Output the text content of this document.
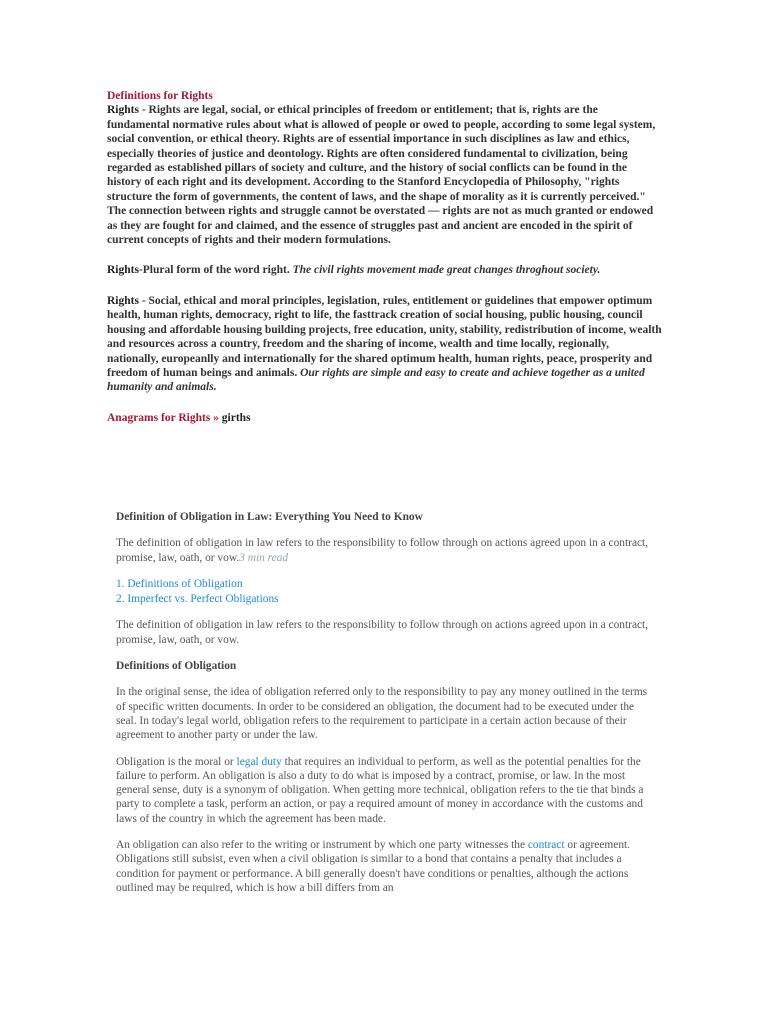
Definitions for Rights

Rights - Rights are legal, social, or ethical principles of freedom or entitlement; that is, rights are the fundamental normative rules about what is allowed of people or owed to people, according to some legal system, social convention, or ethical theory. Rights are of essential importance in such disciplines as law and ethics, especially theories of justice and deontology. Rights are often considered fundamental to civilization, being regarded as established pillars of society and culture, and the history of social conflicts can be found in the history of each right and its development. According to the Stanford Encyclopedia of Philosophy, "rights structure the form of governments, the content of laws, and the shape of morality as it is currently perceived." The connection between rights and struggle cannot be overstated — rights are not as much granted or endowed as they are fought for and claimed, and the essence of struggles past and ancient are encoded in the spirit of current concepts of rights and their modern formulations.

Rights-Plural form of the word right. The civil rights movement made great changes throghout society.

Rights - Social, ethical and moral principles, legislation, rules, entitlement or guidelines that empower optimum health, human rights, democracy, right to life, the fasttrack creation of social housing, public housing, council housing and affordable housing building projects, free education, unity, stability, redistribution of income, wealth and resources across a country, freedom and the sharing of income, wealth and time locally, regionally, nationally, europeanlly and internationally for the shared optimum health, human rights, peace, prosperity and freedom of human beings and animals. Our rights are simple and easy to create and achieve together as a united humanity and animals.

Anagrams for Rights » girths

Definition of Obligation in Law: Everything You Need to Know

The definition of obligation in law refers to the responsibility to follow through on actions agreed upon in a contract, promise, law, oath, or vow.3 min read

1. Definitions of Obligation
2. Imperfect vs. Perfect Obligations

The definition of obligation in law refers to the responsibility to follow through on actions agreed upon in a contract, promise, law, oath, or vow.

Definitions of Obligation

In the original sense, the idea of obligation referred only to the responsibility to pay any money outlined in the terms of specific written documents. In order to be considered an obligation, the document had to be executed under the seal. In today's legal world, obligation refers to the requirement to participate in a certain action because of their agreement to another party or under the law.

Obligation is the moral or legal duty that requires an individual to perform, as well as the potential penalties for the failure to perform. An obligation is also a duty to do what is imposed by a contract, promise, or law. In the most general sense, duty is a synonym of obligation. When getting more technical, obligation refers to the tie that binds a party to complete a task, perform an action, or pay a required amount of money in accordance with the customs and laws of the country in which the agreement has been made.

An obligation can also refer to the writing or instrument by which one party witnesses the contract or agreement. Obligations still subsist, even when a civil obligation is similar to a bond that contains a penalty that includes a condition for payment or performance. A bill generally doesn't have conditions or penalties, although the actions outlined may be required, which is how a bill differs from an
